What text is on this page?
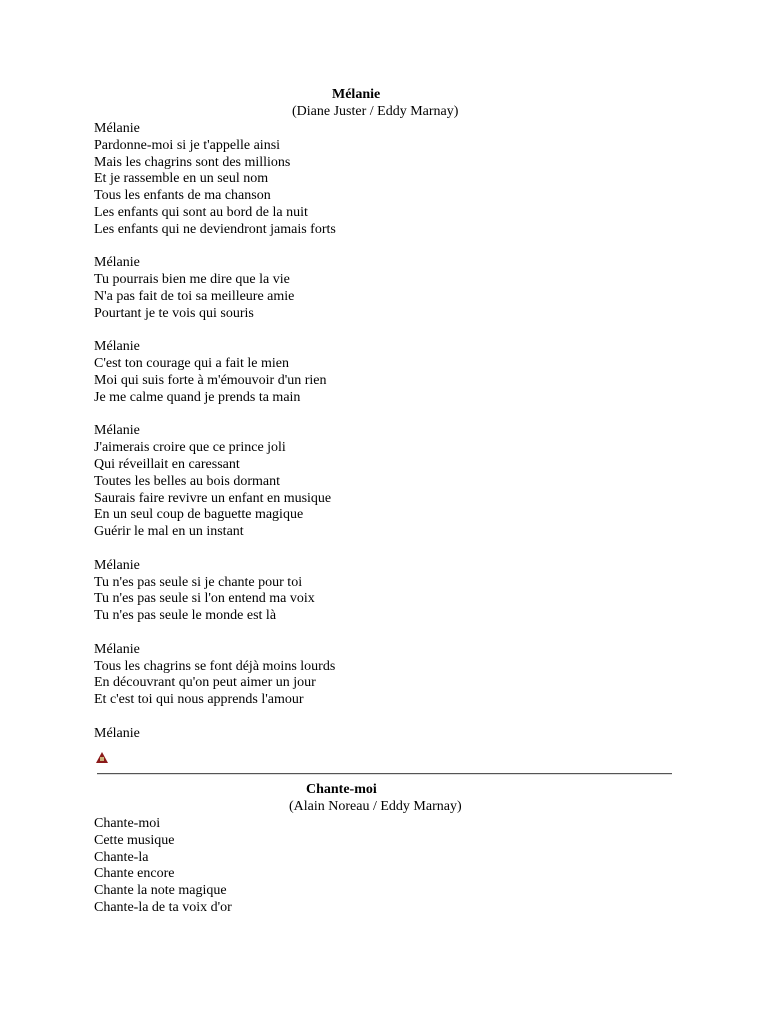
Mélanie
(Diane Juster / Eddy Marnay)
Mélanie
Pardonne-moi si je t'appelle ainsi
Mais les chagrins sont des millions
Et je rassemble en un seul nom
Tous les enfants de ma chanson
Les enfants qui sont au bord de la nuit
Les enfants qui ne deviendront jamais forts
Mélanie
Tu pourrais bien me dire que la vie
N'a pas fait de toi sa meilleure amie
Pourtant je te vois qui souris
Mélanie
C'est ton courage qui a fait le mien
Moi qui suis forte à m'émouvoir d'un rien
Je me calme quand je prends ta main
Mélanie
J'aimerais croire que ce prince joli
Qui réveillait en caressant
Toutes les belles au bois dormant
Saurais faire revivre un enfant en musique
En un seul coup de baguette magique
Guérir le mal en un instant
Mélanie
Tu n'es pas seule si je chante pour toi
Tu n'es pas seule si l'on entend ma voix
Tu n'es pas seule le monde est là
Mélanie
Tous les chagrins se font déjà moins lourds
En découvrant qu'on peut aimer un jour
Et c'est toi qui nous apprends l'amour
Mélanie
Chante-moi
(Alain Noreau / Eddy Marnay)
Chante-moi
Cette musique
Chante-la
Chante encore
Chante la note magique
Chante-la de ta voix d'or
